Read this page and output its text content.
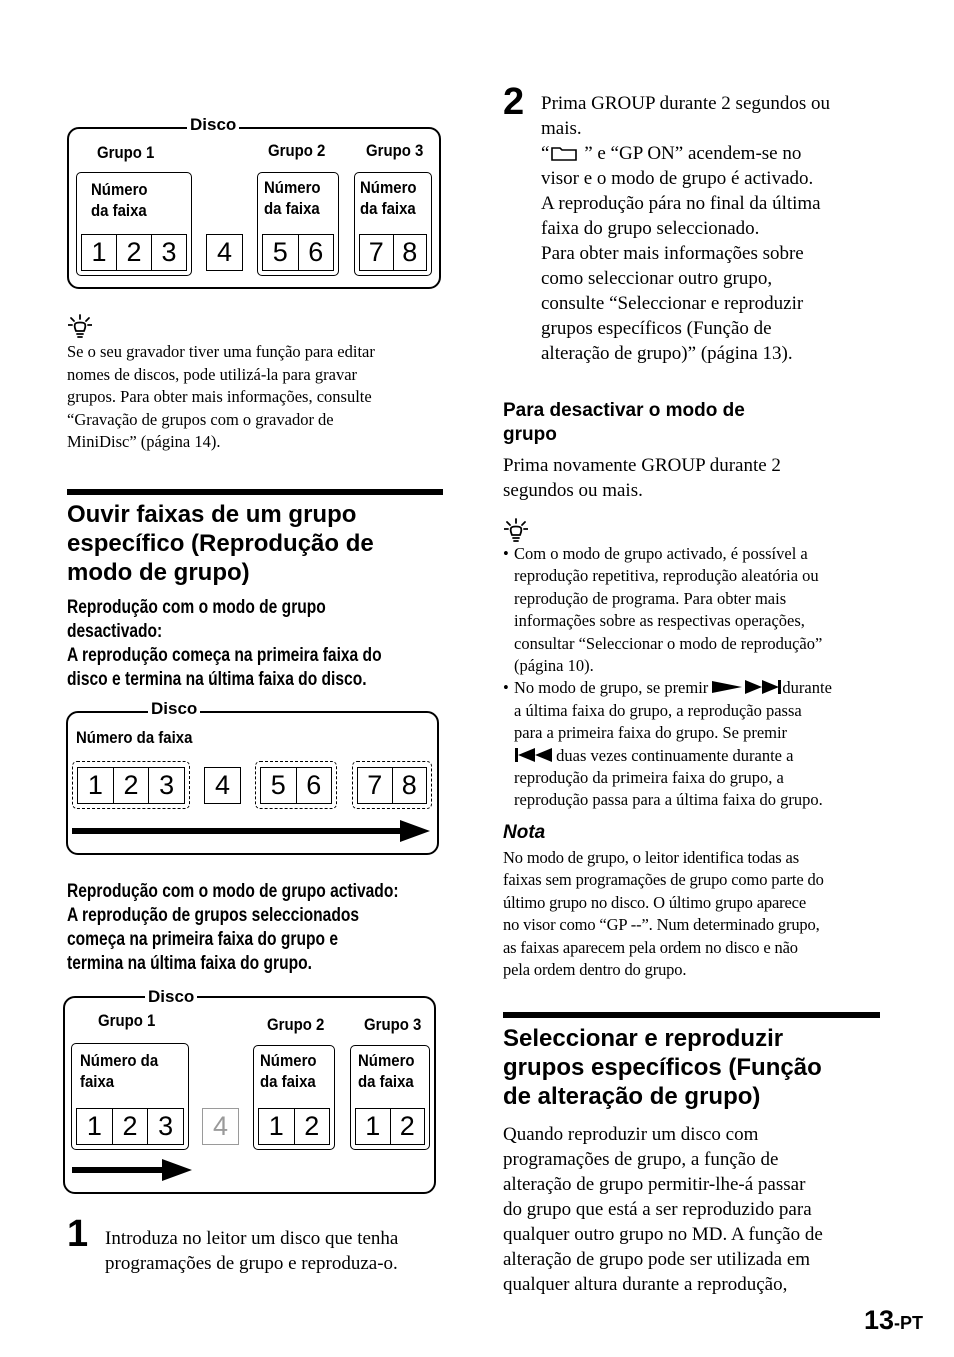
Disco
Grupo 1	Grupo 2 Grupo 3
Número
da faixa
1 2 3	4
Número
da faixa
5 6
Número
da faixa
7 8
Se o seu gravador tiver uma função para editar
nomes de discos, pode utilizá-la para gravar
grupos. Para obter mais informações, consulte
“Gravação de grupos com o gravador de
MiniDisc” (página 14).
Ouvir faixas de um grupo
específico (Reprodução de
modo de grupo)
Reprodução com o modo de grupo
desactivado:
A reprodução começa na primeira faixa do
disco e termina na última faixa do disco.
Disco
Número da faixa
1 2 3	4	5 6	7 8
Reprodução com o modo de grupo activado:
A reprodução de grupos seleccionados
começa na primeira faixa do grupo e
termina na última faixa do grupo.
Disco
Grupo 1	Grupo 2 Grupo 3
Número da
faixa
1 2 3	4
Número
da faixa
1 2
Número
da faixa
1 2
1 Introduza no leitor um disco que tenha
programações de grupo e reproduza-o.
2 Prima GROUP durante 2 segundos ou
mais.
“ ” e “GP ON” acendem-se no
visor e o modo de grupo é activado.
A reprodução pára no final da última
faixa do grupo seleccionado.
Para obter mais informações sobre
como seleccionar outro grupo,
consulte “Seleccionar e reproduzir
grupos específicos (Função de
alteração de grupo)” (página 13).
Para desactivar o modo de
grupo
Prima novamente GROUP durante 2
segundos ou mais.
• Com o modo de grupo activado, é possível a
reprodução repetitiva, reprodução aleatória ou
reprodução de programa. Para obter mais
informações sobre as respectivas operações,
consultar “Seleccionar o modo de reprodução”
(página 10).
• No modo de grupo, se premir	durante
a última faixa do grupo, a reprodução passa
para a primeira faixa do grupo. Se premir
duas vezes continuamente durante a
reprodução da primeira faixa do grupo, a
reprodução passa para a última faixa do grupo.
Nota
No modo de grupo, o leitor identifica todas as
faixas sem programações de grupo como parte do
último grupo no disco. O último grupo aparece
no visor como “GP --”. Num determinado grupo,
as faixas aparecem pela ordem no disco e não
pela ordem dentro do grupo.
Seleccionar e reproduzir
grupos específicos (Função
de alteração de grupo)
Quando reproduzir um disco com
programações de grupo, a função de
alteração de grupo permitir-lhe-á passar
do grupo que está a ser reproduzido para
qualquer outro grupo no MD. A função de
alteração de grupo pode ser utilizada em
qualquer altura durante a reprodução,
13-PT
